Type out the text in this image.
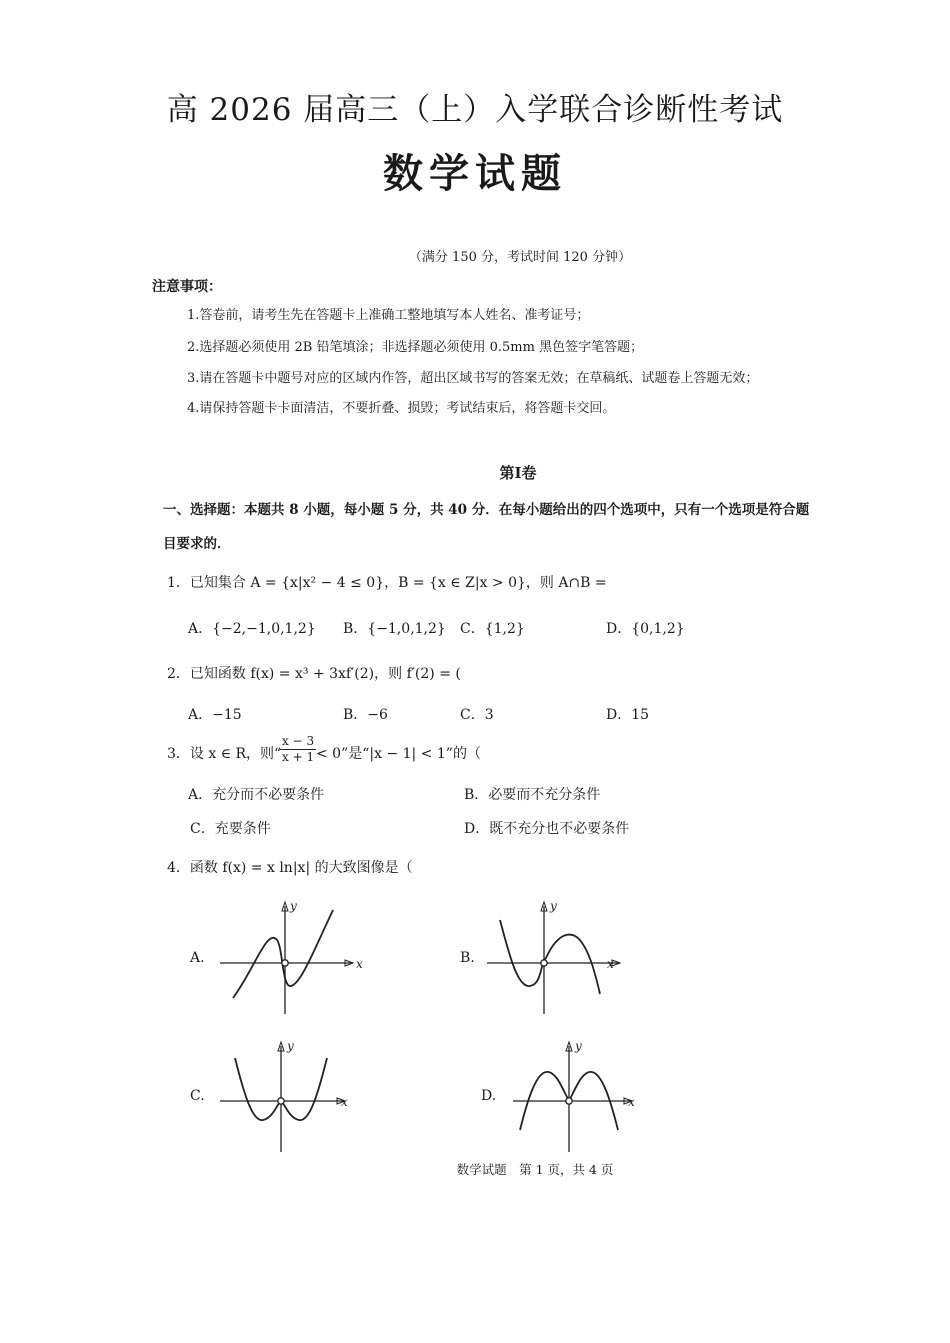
高 2026 届高三（上）入学联合诊断性考试
数学试题
（满分 150 分，考试时间 120 分钟）
注意事项：
1.答卷前，请考生先在答题卡上准确工整地填写本人姓名、准考证号；
2.选择题必须使用 2B 铅笔填涂；非选择题必须使用 0.5mm 黑色签字笔答题；
3.请在答题卡中题号对应的区域内作答，超出区域书写的答案无效；在草稿纸、试题卷上答题无效；
4.请保持答题卡卡面清洁，不要折叠、损毁；考试结束后，将答题卡交回。
第Ⅰ卷
一、选择题：本题共 8 小题，每小题 5 分，共 40 分．在每小题给出的四个选项中，只有一个选项是符合题
目要求的．
1．已知集合 A = {x|x² − 4 ≤ 0}，B = {x ∈ Z|x > 0}，则 A∩B =
A．{−2,−1,0,1,2} B．{−1,0,1,2} C．{1,2}	D．{0,1,2}
2．已知函数 f(x) = x³ + 3xf′(2)，则 f′(2) = (
A．−15	B．−6	C．3	D．15
3．设 x ∈ R，则“
$\frac{x - 3}{x + 1} < 0$”是“|x − 1| < 1”的（
A．充分而不必要条件	B．必要而不充分条件
C．充要条件	D．既不充分也不必要条件
4．函数 f(x) = x ln|x| 的大致图像是（
A.	x
y
B.	x
y
C.	x
y
D.	x
y
数学试题　第 1 页，共 4 页
